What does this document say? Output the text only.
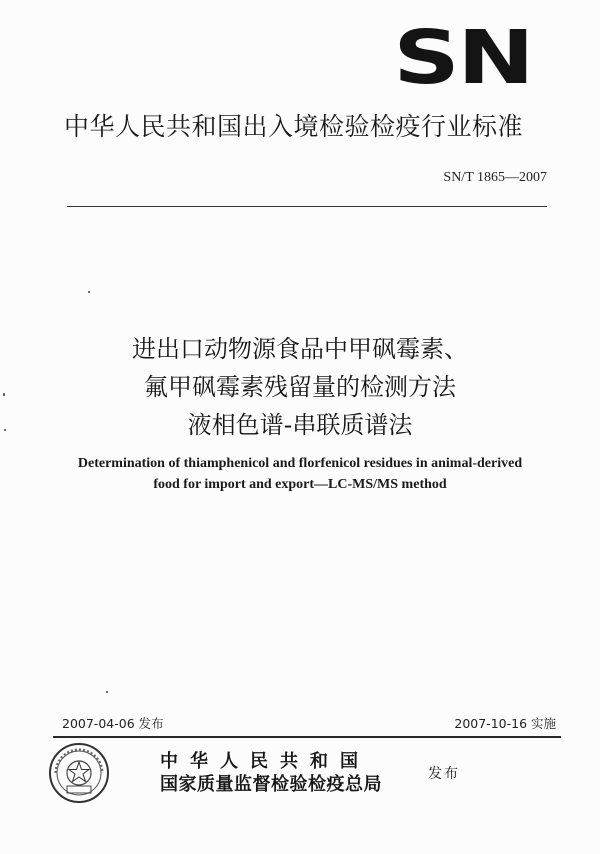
SN
中华人民共和国出入境检验检疫行业标准
SN/T 1865—2007
进出口动物源食品中甲砜霉素、
氟甲砜霉素残留量的检测方法
液相色谱-串联质谱法
Determination of thiamphenicol and florfenicol residues in animal-derived
food for import and export—LC-MS/MS method
2007-04-06 发布	2007-10-16 实施
中华人民共和国
国家质量监督检验检疫总局	发布
